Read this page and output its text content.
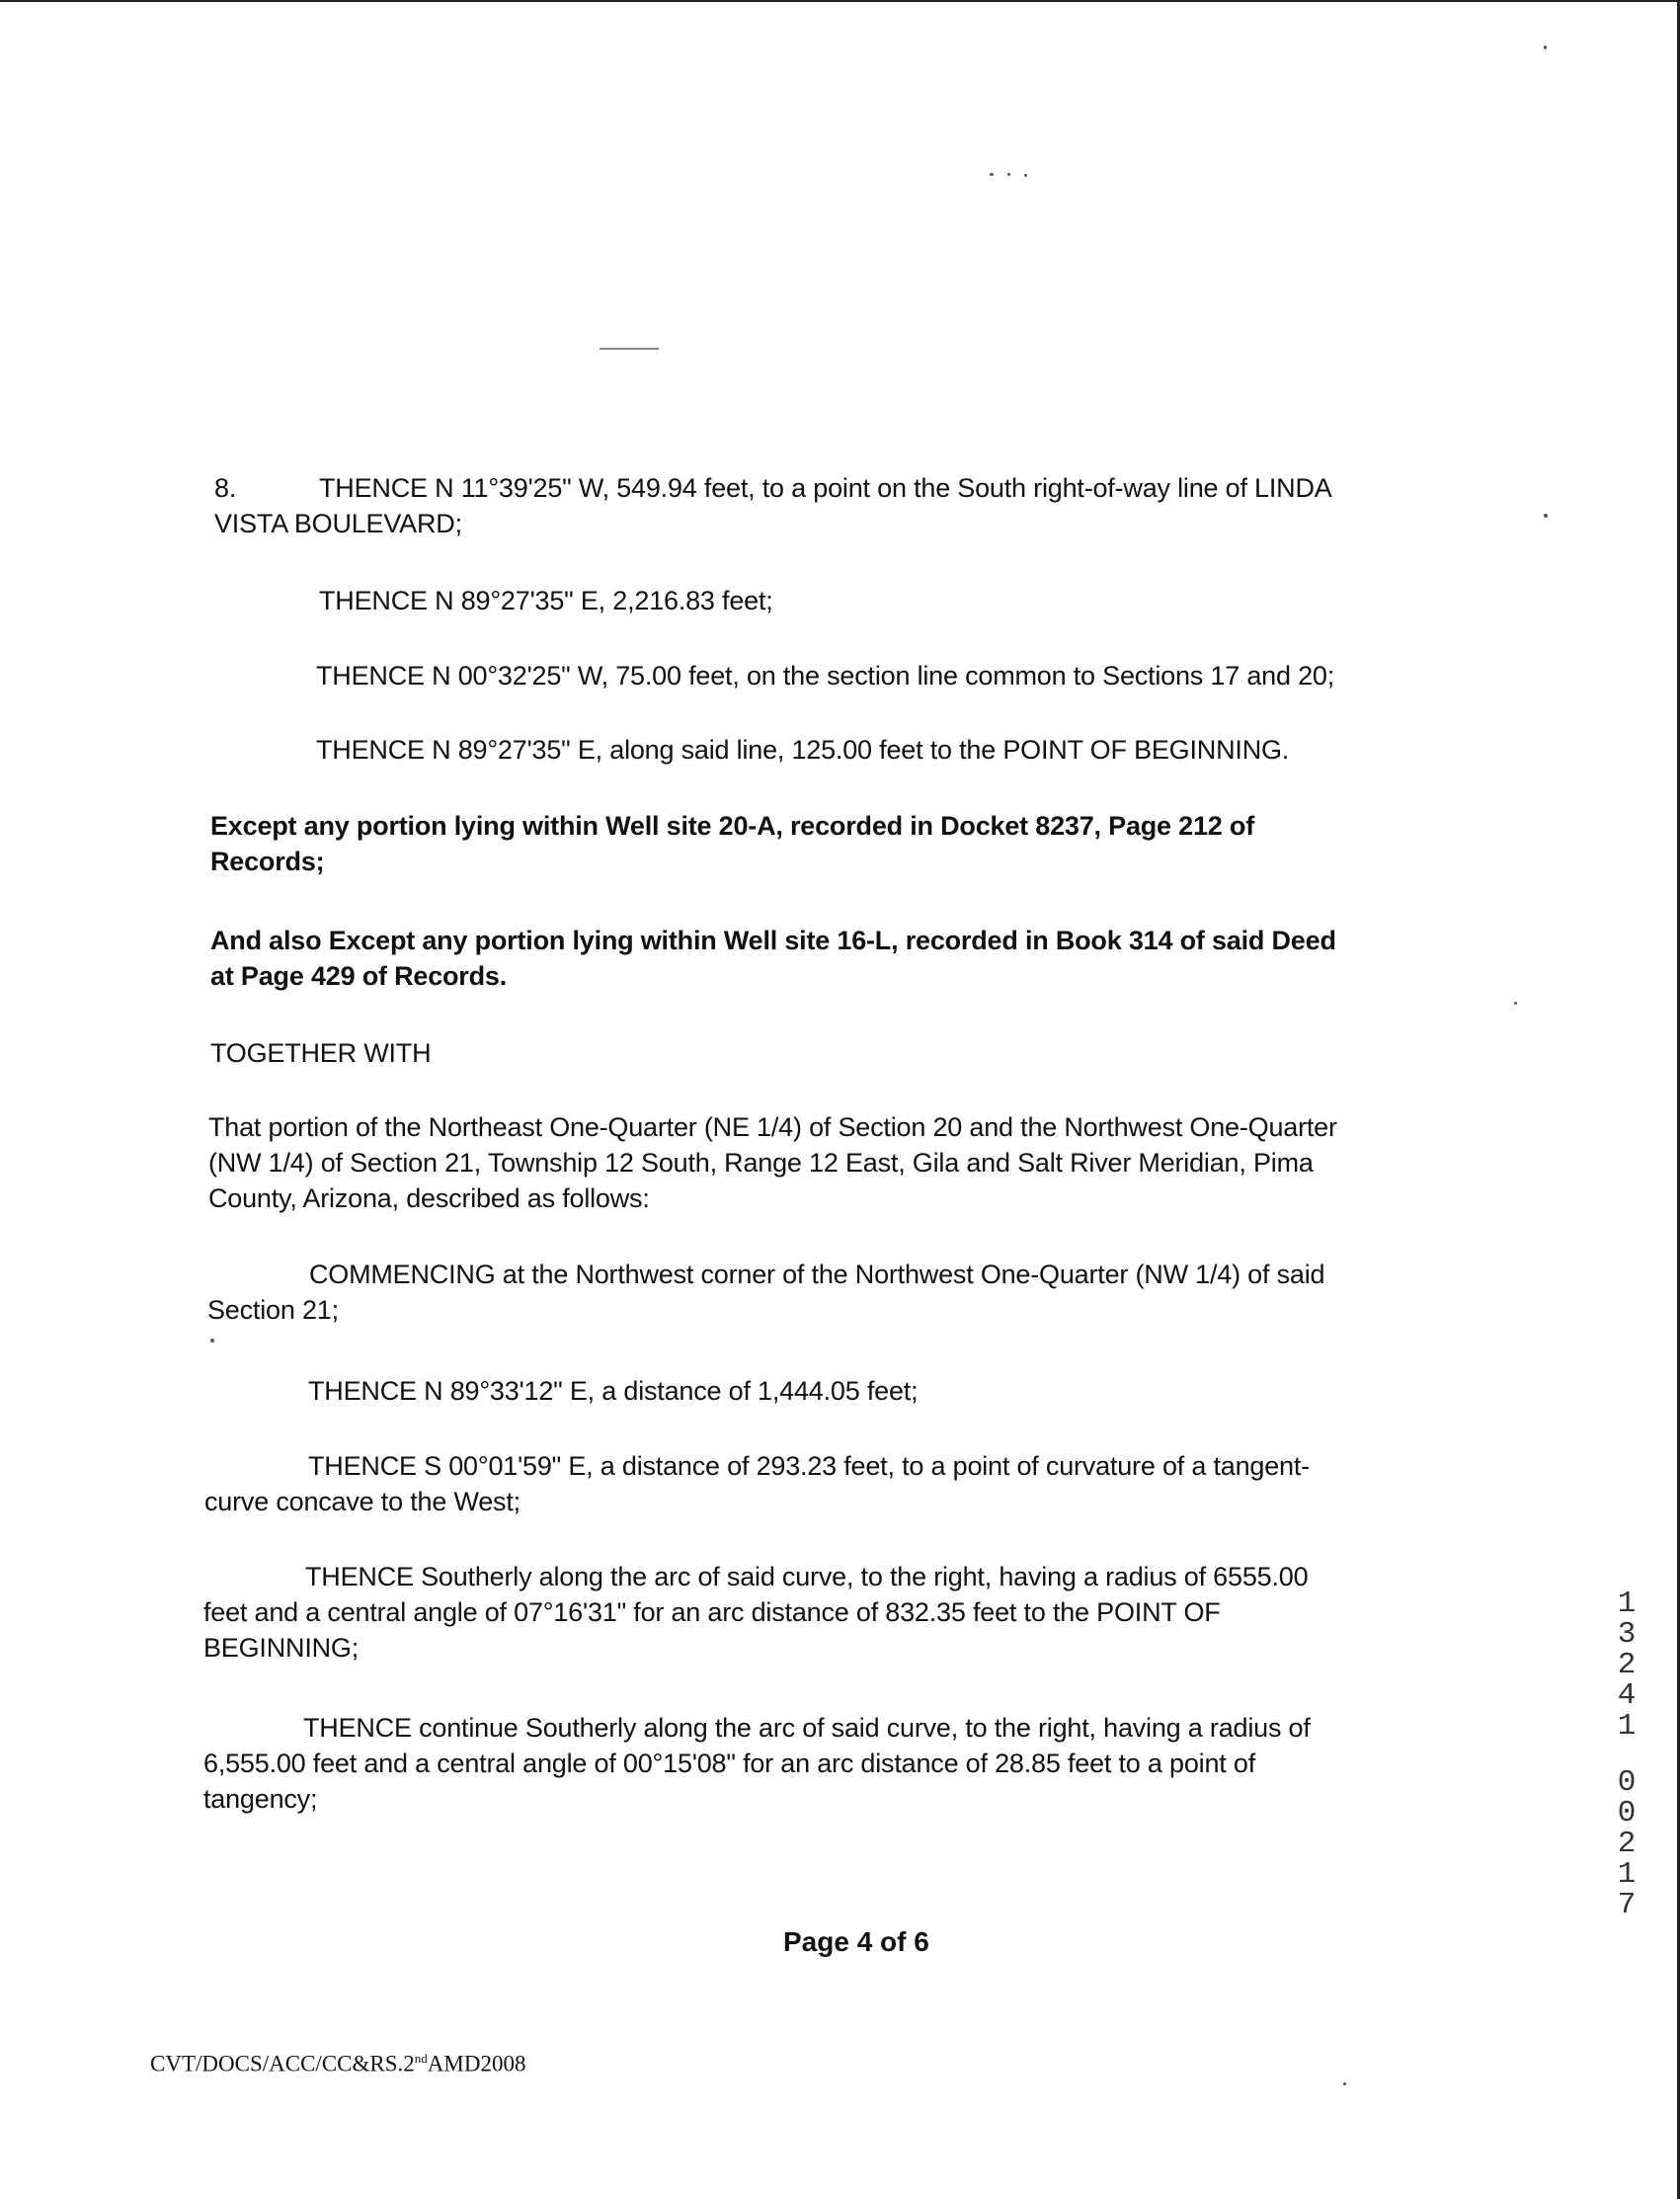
8.	THENCE N 11°39'25" W, 549.94 feet, to a point on the South right-of-way line of LINDA
VISTA BOULEVARD;
THENCE N 89°27'35" E, 2,216.83 feet;
THENCE N 00°32'25" W, 75.00 feet, on the section line common to Sections 17 and 20;
THENCE N 89°27'35" E, along said line, 125.00 feet to the POINT OF BEGINNING.
Except any portion lying within Well site 20-A, recorded in Docket 8237, Page 212 of
Records;
And also Except any portion lying within Well site 16-L, recorded in Book 314 of said Deed
at Page 429 of Records.
TOGETHER WITH
That portion of the Northeast One-Quarter (NE 1/4) of Section 20 and the Northwest One-Quarter
(NW 1/4) of Section 21, Township 12 South, Range 12 East, Gila and Salt River Meridian, Pima
County, Arizona, described as follows:
COMMENCING at the Northwest corner of the Northwest One-Quarter (NW 1/4) of said
Section 21;
THENCE N 89°33'12" E, a distance of 1,444.05 feet;
THENCE S 00°01'59" E, a distance of 293.23 feet, to a point of curvature of a tangent-
curve concave to the West;
THENCE Southerly along the arc of said curve, to the right, having a radius of 6555.00
feet and a central angle of 07°16'31" for an arc distance of 832.35 feet to the POINT OF
BEGINNING;
THENCE continue Southerly along the arc of said curve, to the right, having a radius of
6,555.00 feet and a central angle of 00°15'08" for an arc distance of 28.85 feet to a point of
tangency;
Page 4 of 6
CVT/DOCS/ACC/CC&RS.2ndAMD2008
1
3
2
4
1
0
0
2
1
7
